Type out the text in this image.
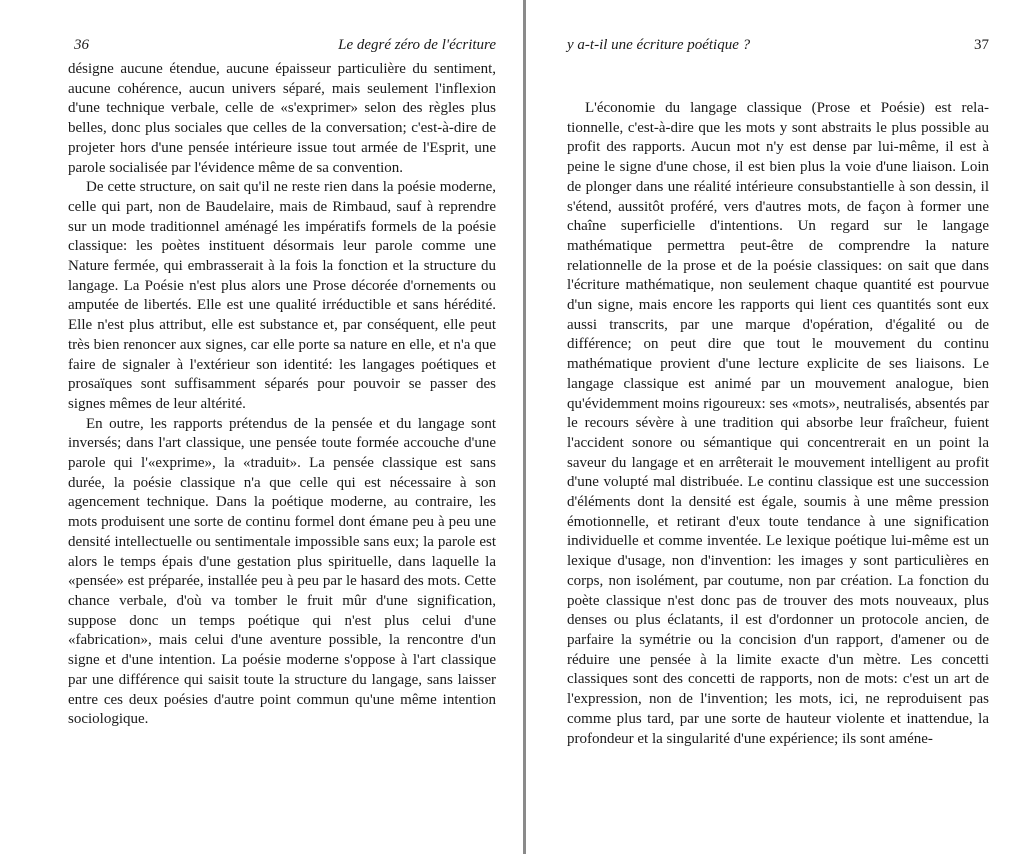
36	Le degré zéro de l'écriture

désigne aucune étendue, aucune épaisseur particulière du sentiment, aucune cohérence, aucun univers séparé, mais seulement l'inflexion d'une technique verbale, celle de «s'exprimer» selon des règles plus belles, donc plus sociales que celles de la conversation; c'est-à-dire de projeter hors d'une pensée intérieure issue tout armée de l'Esprit, une parole socialisée par l'évidence même de sa convention.

De cette structure, on sait qu'il ne reste rien dans la poésie moderne, celle qui part, non de Baudelaire, mais de Rimbaud, sauf à reprendre sur un mode traditionnel aménagé les impératifs formels de la poésie classique: les poètes instituent désormais leur parole comme une Nature fermée, qui embrasserait à la fois la fonction et la structure du langage. La Poésie n'est plus alors une Prose décorée d'ornements ou amputée de libertés. Elle est une qualité irréductible et sans hérédité. Elle n'est plus attribut, elle est substance et, par conséquent, elle peut très bien renoncer aux signes, car elle porte sa nature en elle, et n'a que faire de signaler à l'extérieur son identité: les langages poétiques et prosaïques sont suffisamment séparés pour pouvoir se passer des signes mêmes de leur altérité.

En outre, les rapports prétendus de la pensée et du langage sont inversés; dans l'art classique, une pensée toute formée accouche d'une parole qui l'«exprime», la «traduit». La pensée classique est sans durée, la poésie classique n'a que celle qui est nécessaire à son agencement technique. Dans la poétique moderne, au contraire, les mots produisent une sorte de continu formel dont émane peu à peu une densité intellectuelle ou sentimentale impossible sans eux; la parole est alors le temps épais d'une gestation plus spirituelle, dans laquelle la «pensée» est préparée, installée peu à peu par le hasard des mots. Cette chance verbale, d'où va tomber le fruit mûr d'une signification, suppose donc un temps poétique qui n'est plus celui d'une «fabrication», mais celui d'une aventure possible, la rencontre d'un signe et d'une intention. La poésie moderne s'oppose à l'art classique par une différence qui saisit toute la structure du langage, sans laisser entre ces deux poésies d'autre point commun qu'une même intention sociologique.

y a-t-il une écriture poétique ?	37

L'économie du langage classique (Prose et Poésie) est relationnelle, c'est-à-dire que les mots y sont abstraits le plus possible au profit des rapports. Aucun mot n'y est dense par lui-même, il est à peine le signe d'une chose, il est bien plus la voie d'une liaison. Loin de plonger dans une réalité intérieure consubstantielle à son dessin, il s'étend, aussitôt proféré, vers d'autres mots, de façon à former une chaîne superficielle d'intentions. Un regard sur le langage mathématique permettra peut-être de comprendre la nature relationnelle de la prose et de la poésie classiques: on sait que dans l'écriture mathématique, non seulement chaque quantité est pourvue d'un signe, mais encore les rapports qui lient ces quantités sont eux aussi transcrits, par une marque d'opération, d'égalité ou de différence; on peut dire que tout le mouvement du continu mathématique provient d'une lecture explicite de ses liaisons. Le langage classique est animé par un mouvement analogue, bien qu'évidemment moins rigoureux: ses «mots», neutralisés, absentés par le recours sévère à une tradition qui absorbe leur fraîcheur, fuient l'accident sonore ou sémantique qui concentrerait en un point la saveur du langage et en arrêterait le mouvement intelligent au profit d'une volupté mal distribuée. Le continu classique est une succession d'éléments dont la densité est égale, soumis à une même pression émotionnelle, et retirant d'eux toute tendance à une signification individuelle et comme inventée. Le lexique poétique lui-même est un lexique d'usage, non d'invention: les images y sont particulières en corps, non isolément, par coutume, non par création. La fonction du poète classique n'est donc pas de trouver des mots nouveaux, plus denses ou plus éclatants, il est d'ordonner un protocole ancien, de parfaire la symétrie ou la concision d'un rapport, d'amener ou de réduire une pensée à la limite exacte d'un mètre. Les concetti classiques sont des concetti de rapports, non de mots: c'est un art de l'expression, non de l'invention; les mots, ici, ne reproduisent pas comme plus tard, par une sorte de hauteur violente et inattendue, la profondeur et la singularité d'une expérience; ils sont améne-
